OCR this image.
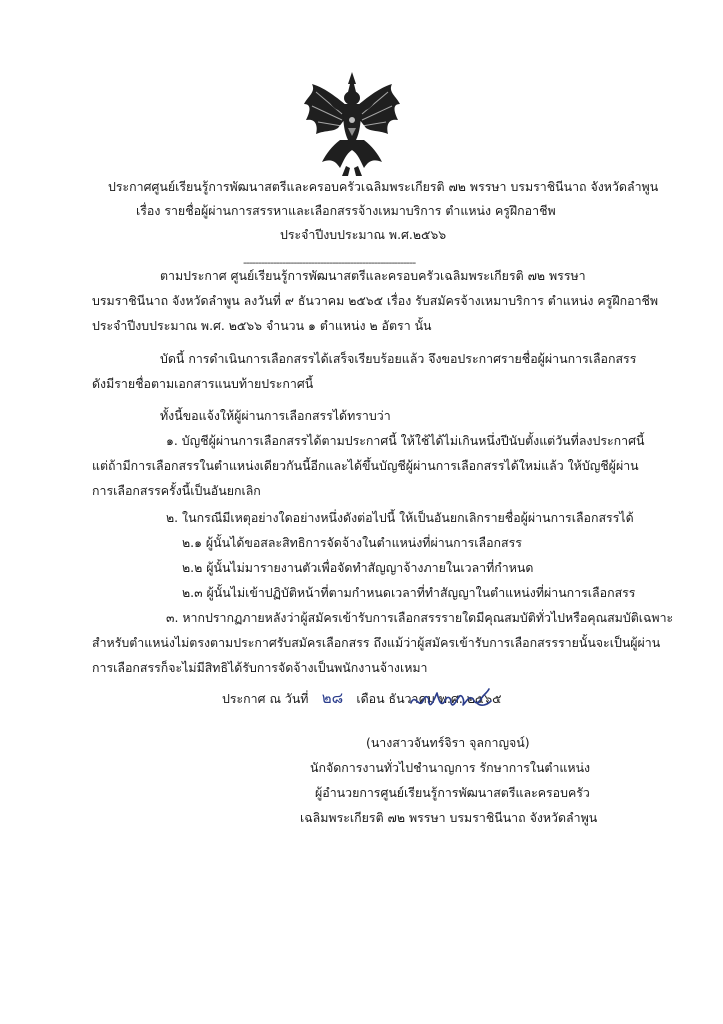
ประกาศศูนย์เรียนรู้การพัฒนาสตรีและครอบครัวเฉลิมพระเกียรติ ๗๒ พรรษา บรมราชินีนาถ จังหวัดลำพูน
เรื่อง รายชื่อผู้ผ่านการสรรหาและเลือกสรรจ้างเหมาบริการ ตำแหน่ง ครูฝึกอาชีพ
ประจำปีงบประมาณ พ.ศ.๒๕๖๖
----------------------------------------------------------
ตามประกาศ ศูนย์เรียนรู้การพัฒนาสตรีและครอบครัวเฉลิมพระเกียรติ ๗๒ พรรษา
บรมราชินีนาถ จังหวัดลำพูน ลงวันที่ ๙ ธันวาคม ๒๕๖๕ เรื่อง รับสมัครจ้างเหมาบริการ ตำแหน่ง ครูฝึกอาชีพ
ประจำปีงบประมาณ พ.ศ. ๒๕๖๖ จำนวน ๑ ตำแหน่ง ๒ อัตรา นั้น
บัดนี้ การดำเนินการเลือกสรรได้เสร็จเรียบร้อยแล้ว จึงขอประกาศรายชื่อผู้ผ่านการเลือกสรร
ดังมีรายชื่อตามเอกสารแนบท้ายประกาศนี้
ทั้งนี้ขอแจ้งให้ผู้ผ่านการเลือกสรรได้ทราบว่า
๑. บัญชีผู้ผ่านการเลือกสรรได้ตามประกาศนี้ ให้ใช้ได้ไม่เกินหนึ่งปีนับตั้งแต่วันที่ลงประกาศนี้
แต่ถ้ามีการเลือกสรรในตำแหน่งเดียวกันนี้อีกและได้ขึ้นบัญชีผู้ผ่านการเลือกสรรได้ใหม่แล้ว ให้บัญชีผู้ผ่าน
การเลือกสรรครั้งนี้เป็นอันยกเลิก
๒. ในกรณีมีเหตุอย่างใดอย่างหนึ่งดังต่อไปนี้ ให้เป็นอันยกเลิกรายชื่อผู้ผ่านการเลือกสรรได้
๒.๑ ผู้นั้นได้ขอสละสิทธิการจัดจ้างในตำแหน่งที่ผ่านการเลือกสรร
๒.๒ ผู้นั้นไม่มารายงานตัวเพื่อจัดทำสัญญาจ้างภายในเวลาที่กำหนด
๒.๓ ผู้นั้นไม่เข้าปฏิบัติหน้าที่ตามกำหนดเวลาที่ทำสัญญาในตำแหน่งที่ผ่านการเลือกสรร
๓. หากปรากฏภายหลังว่าผู้สมัครเข้ารับการเลือกสรรรายใดมีคุณสมบัติทั่วไปหรือคุณสมบัติเฉพาะ
สำหรับตำแหน่งไม่ตรงตามประกาศรับสมัครเลือกสรร ถึงแม้ว่าผู้สมัครเข้ารับการเลือกสรรรายนั้นจะเป็นผู้ผ่าน
การเลือกสรรก็จะไม่มีสิทธิได้รับการจัดจ้างเป็นพนักงานจ้างเหมา
ประกาศ ณ วันที่ ๒๘ เดือน ธันวาคม พ.ศ. ๒๕๖๕
(นางสาวจันทร์จิรา จุลกาญจน์)
นักจัดการงานทั่วไปชำนาญการ รักษาการในตำแหน่ง
ผู้อำนวยการศูนย์เรียนรู้การพัฒนาสตรีและครอบครัว
เฉลิมพระเกียรติ ๗๒ พรรษา บรมราชินีนาถ จังหวัดลำพูน
